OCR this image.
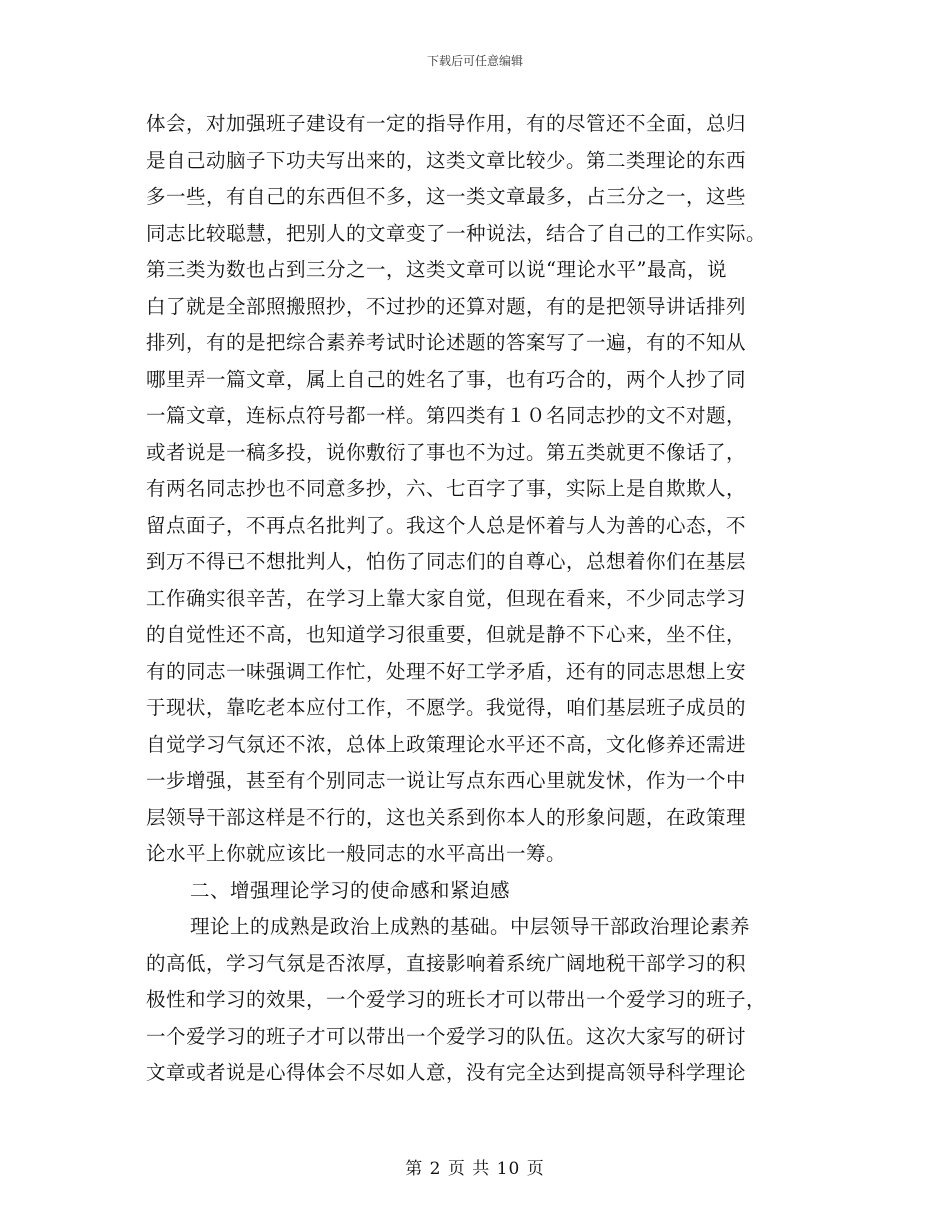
下载后可任意编辑
体会，对加强班子建设有一定的指导作用，有的尽管还不全面，总归
是自己动脑子下功夫写出来的，这类文章比较少。第二类理论的东西
多一些，有自己的东西但不多，这一类文章最多，占三分之一，这些
同志比较聪慧，把别人的文章变了一种说法，结合了自己的工作实际。
第三类为数也占到三分之一，这类文章可以说“理论水平”最高，说
白了就是全部照搬照抄，不过抄的还算对题，有的是把领导讲话排列
排列，有的是把综合素养考试时论述题的答案写了一遍，有的不知从
哪里弄一篇文章，属上自己的姓名了事，也有巧合的，两个人抄了同
一篇文章，连标点符号都一样。第四类有１０名同志抄的文不对题，
或者说是一稿多投，说你敷衍了事也不为过。第五类就更不像话了，
有两名同志抄也不同意多抄，六、七百字了事，实际上是自欺欺人，
留点面子，不再点名批判了。我这个人总是怀着与人为善的心态，不
到万不得已不想批判人，怕伤了同志们的自尊心，总想着你们在基层
工作确实很辛苦，在学习上靠大家自觉，但现在看来，不少同志学习
的自觉性还不高，也知道学习很重要，但就是静不下心来，坐不住，
有的同志一味强调工作忙，处理不好工学矛盾，还有的同志思想上安
于现状，靠吃老本应付工作，不愿学。我觉得，咱们基层班子成员的
自觉学习气氛还不浓，总体上政策理论水平还不高，文化修养还需进
一步增强，甚至有个别同志一说让写点东西心里就发怵，作为一个中
层领导干部这样是不行的，这也关系到你本人的形象问题，在政策理
论水平上你就应该比一般同志的水平高出一筹。
二、增强理论学习的使命感和紧迫感
理论上的成熟是政治上成熟的基础。中层领导干部政治理论素养
的高低，学习气氛是否浓厚，直接影响着系统广阔地税干部学习的积
极性和学习的效果，一个爱学习的班长才可以带出一个爱学习的班子，
一个爱学习的班子才可以带出一个爱学习的队伍。这次大家写的研讨
文章或者说是心得体会不尽如人意，没有完全达到提高领导科学理论
第 2 页 共 10 页
